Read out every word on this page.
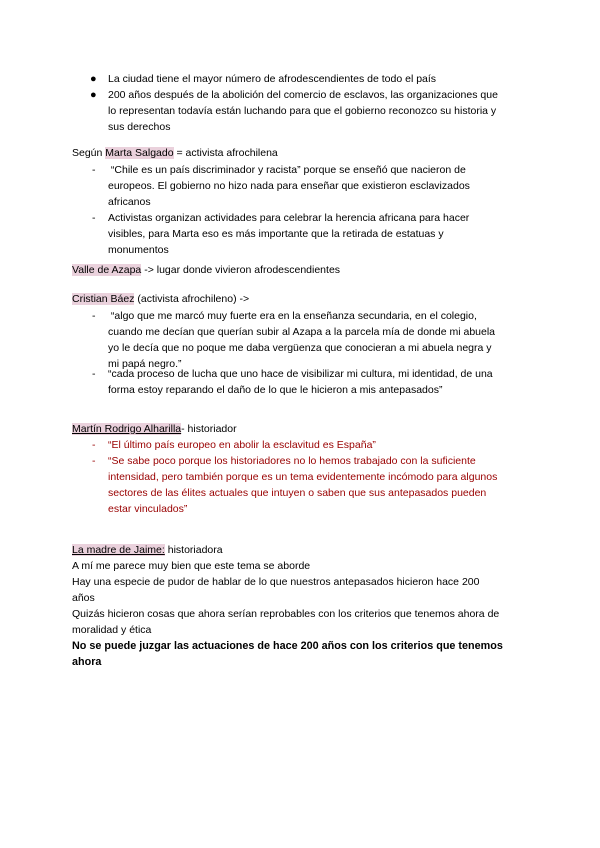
● La ciudad tiene el mayor número de afrodescendientes de todo el país
● 200 años después de la abolición del comercio de esclavos, las organizaciones que
lo representan todavía están luchando para que el gobierno reconozco su historia y
sus derechos
Según Marta Salgado = activista afrochilena
- “Chile es un país discriminador y racista” porque se enseñó que nacieron de
europeos. El gobierno no hizo nada para enseñar que existieron esclavizados
africanos
- Activistas organizan actividades para celebrar la herencia africana para hacer
visibles, para Marta eso es más importante que la retirada de estatuas y
monumentos
Valle de Azapa -> lugar donde vivieron afrodescendientes
Cristian Báez (activista afrochileno) ->
- “algo que me marcó muy fuerte era en la enseñanza secundaria, en el colegio,
cuando me decían que querían subir al Azapa a la parcela mía de donde mi abuela
yo le decía que no poque me daba vergüenza que conocieran a mi abuela negra y
mi papá negro.”
- “cada proceso de lucha que uno hace de visibilizar mi cultura, mi identidad, de una
forma estoy reparando el daño de lo que le hicieron a mis antepasados”
Martín Rodrigo Alharilla- historiador
- “El último país europeo en abolir la esclavitud es España”
- “Se sabe poco porque los historiadores no lo hemos trabajado con la suficiente
intensidad, pero también porque es un tema evidentemente incómodo para algunos
sectores de las élites actuales que intuyen o saben que sus antepasados pueden
estar vinculados”
La madre de Jaime: historiadora
A mí me parece muy bien que este tema se aborde
Hay una especie de pudor de hablar de lo que nuestros antepasados hicieron hace 200
años
Quizás hicieron cosas que ahora serían reprobables con los criterios que tenemos ahora de
moralidad y ética
No se puede juzgar las actuaciones de hace 200 años con los criterios que tenemos
ahora
